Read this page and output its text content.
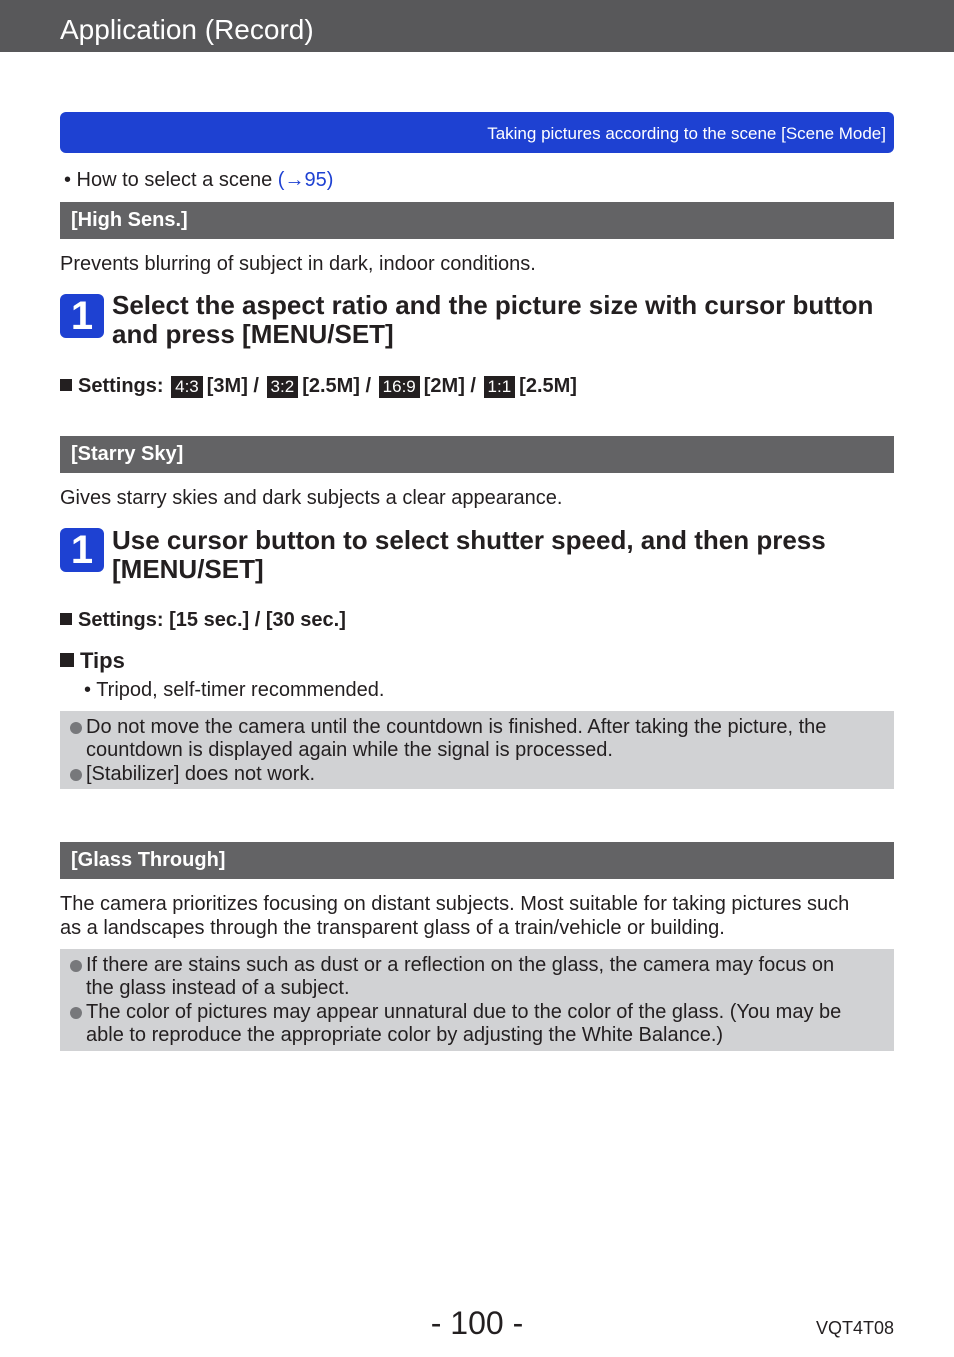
Application (Record)
Taking pictures according to the scene [Scene Mode]
• How to select a scene (→95)
[High Sens.]
Prevents blurring of subject in dark, indoor conditions.
1 Select the aspect ratio and the picture size with cursor button
and press [MENU/SET]
Settings: 4:3 [3M] / 3:2 [2.5M] / 16:9 [2M] / 1:1 [2.5M]
[Starry Sky]
Gives starry skies and dark subjects a clear appearance.
1 Use cursor button to select shutter speed, and then press
[MENU/SET]
Settings: [15 sec.] / [30 sec.]
Tips
• Tripod, self-timer recommended.
Do not move the camera until the countdown is finished. After taking the picture, the
countdown is displayed again while the signal is processed.
[Stabilizer] does not work.
[Glass Through]
The camera prioritizes focusing on distant subjects. Most suitable for taking pictures such
as a landscapes through the transparent glass of a train/vehicle or building.
If there are stains such as dust or a reflection on the glass, the camera may focus on
the glass instead of a subject.
The color of pictures may appear unnatural due to the color of the glass. (You may be
able to reproduce the appropriate color by adjusting the White Balance.)
- 100 -	VQT4T08
